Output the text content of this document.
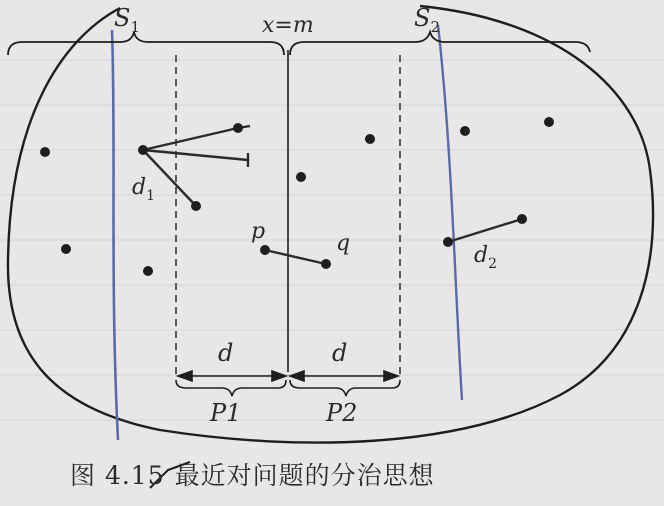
$S_1$	$S_2$
x=m
$d_1$
$d_2$
p	q
d	d
P1	P2
图 4.15 最近对问题的分治思想
